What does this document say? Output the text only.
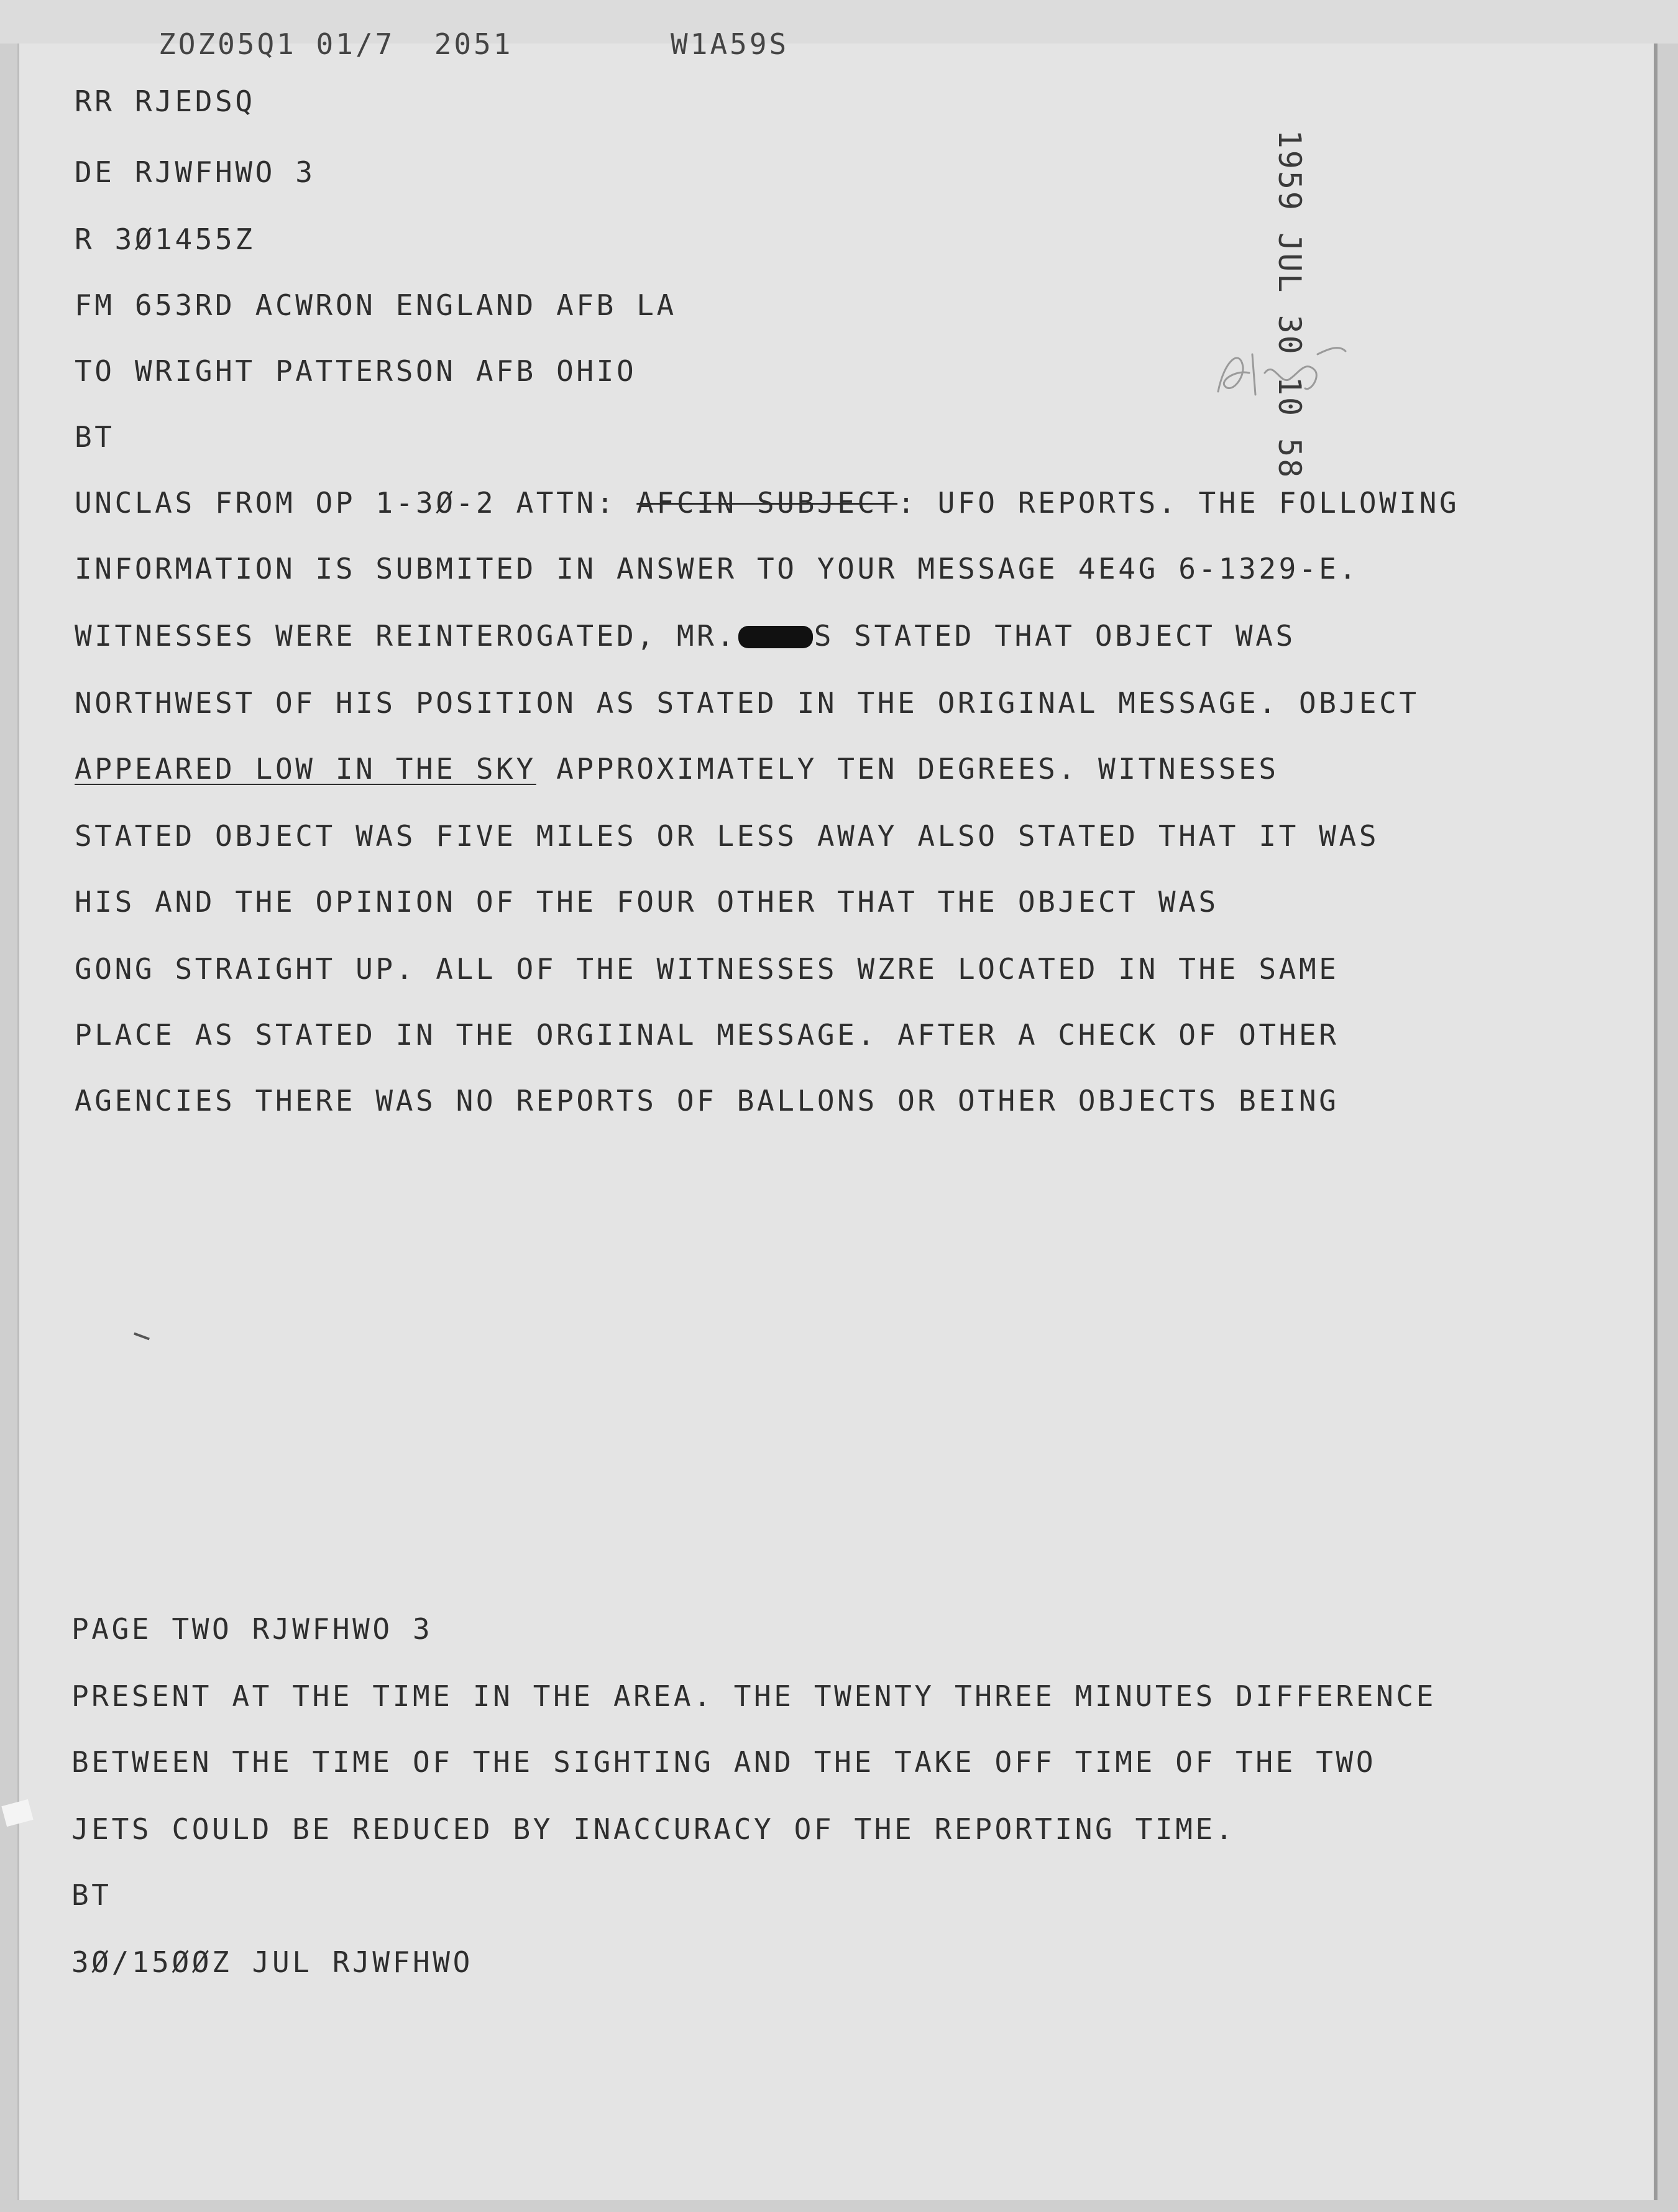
ZOZ05Q1 01/7  2051        W1A59S
RR RJEDSQ
DE RJWFHWO 3
R 3Ø1455Z
FM 653RD ACWRON ENGLAND AFB LA
TO WRIGHT PATTERSON AFB OHIO
BT	1959 JUL 30 10 58
UNCLAS FROM OP 1-3Ø-2 ATTN: AFCIN SUBJECT: UFO REPORTS. THE FOLLOWING
INFORMATION IS SUBMITED IN ANSWER TO YOUR MESSAGE 4E4G 6-1329-E.
WITNESSES WERE REINTEROGATED, MR.	S STATED THAT OBJECT WAS
NORTHWEST OF HIS POSITION AS STATED IN THE ORIGINAL MESSAGE. OBJECT
APPEARED LOW IN THE SKY APPROXIMATELY TEN DEGREES. WITNESSES
STATED OBJECT WAS FIVE MILES OR LESS AWAY ALSO STATED THAT IT WAS
HIS AND THE OPINION OF THE FOUR OTHER THAT THE OBJECT WAS
GONG STRAIGHT UP. ALL OF THE WITNESSES WZRE LOCATED IN THE SAME
PLACE AS STATED IN THE ORGIINAL MESSAGE. AFTER A CHECK OF OTHER
AGENCIES THERE WAS NO REPORTS OF BALLONS OR OTHER OBJECTS BEING
PAGE TWO RJWFHWO 3
PRESENT AT THE TIME IN THE AREA. THE TWENTY THREE MINUTES DIFFERENCE
BETWEEN THE TIME OF THE SIGHTING AND THE TAKE OFF TIME OF THE TWO
JETS COULD BE REDUCED BY INACCURACY OF THE REPORTING TIME.
BT
3Ø/15ØØZ JUL RJWFHWO
